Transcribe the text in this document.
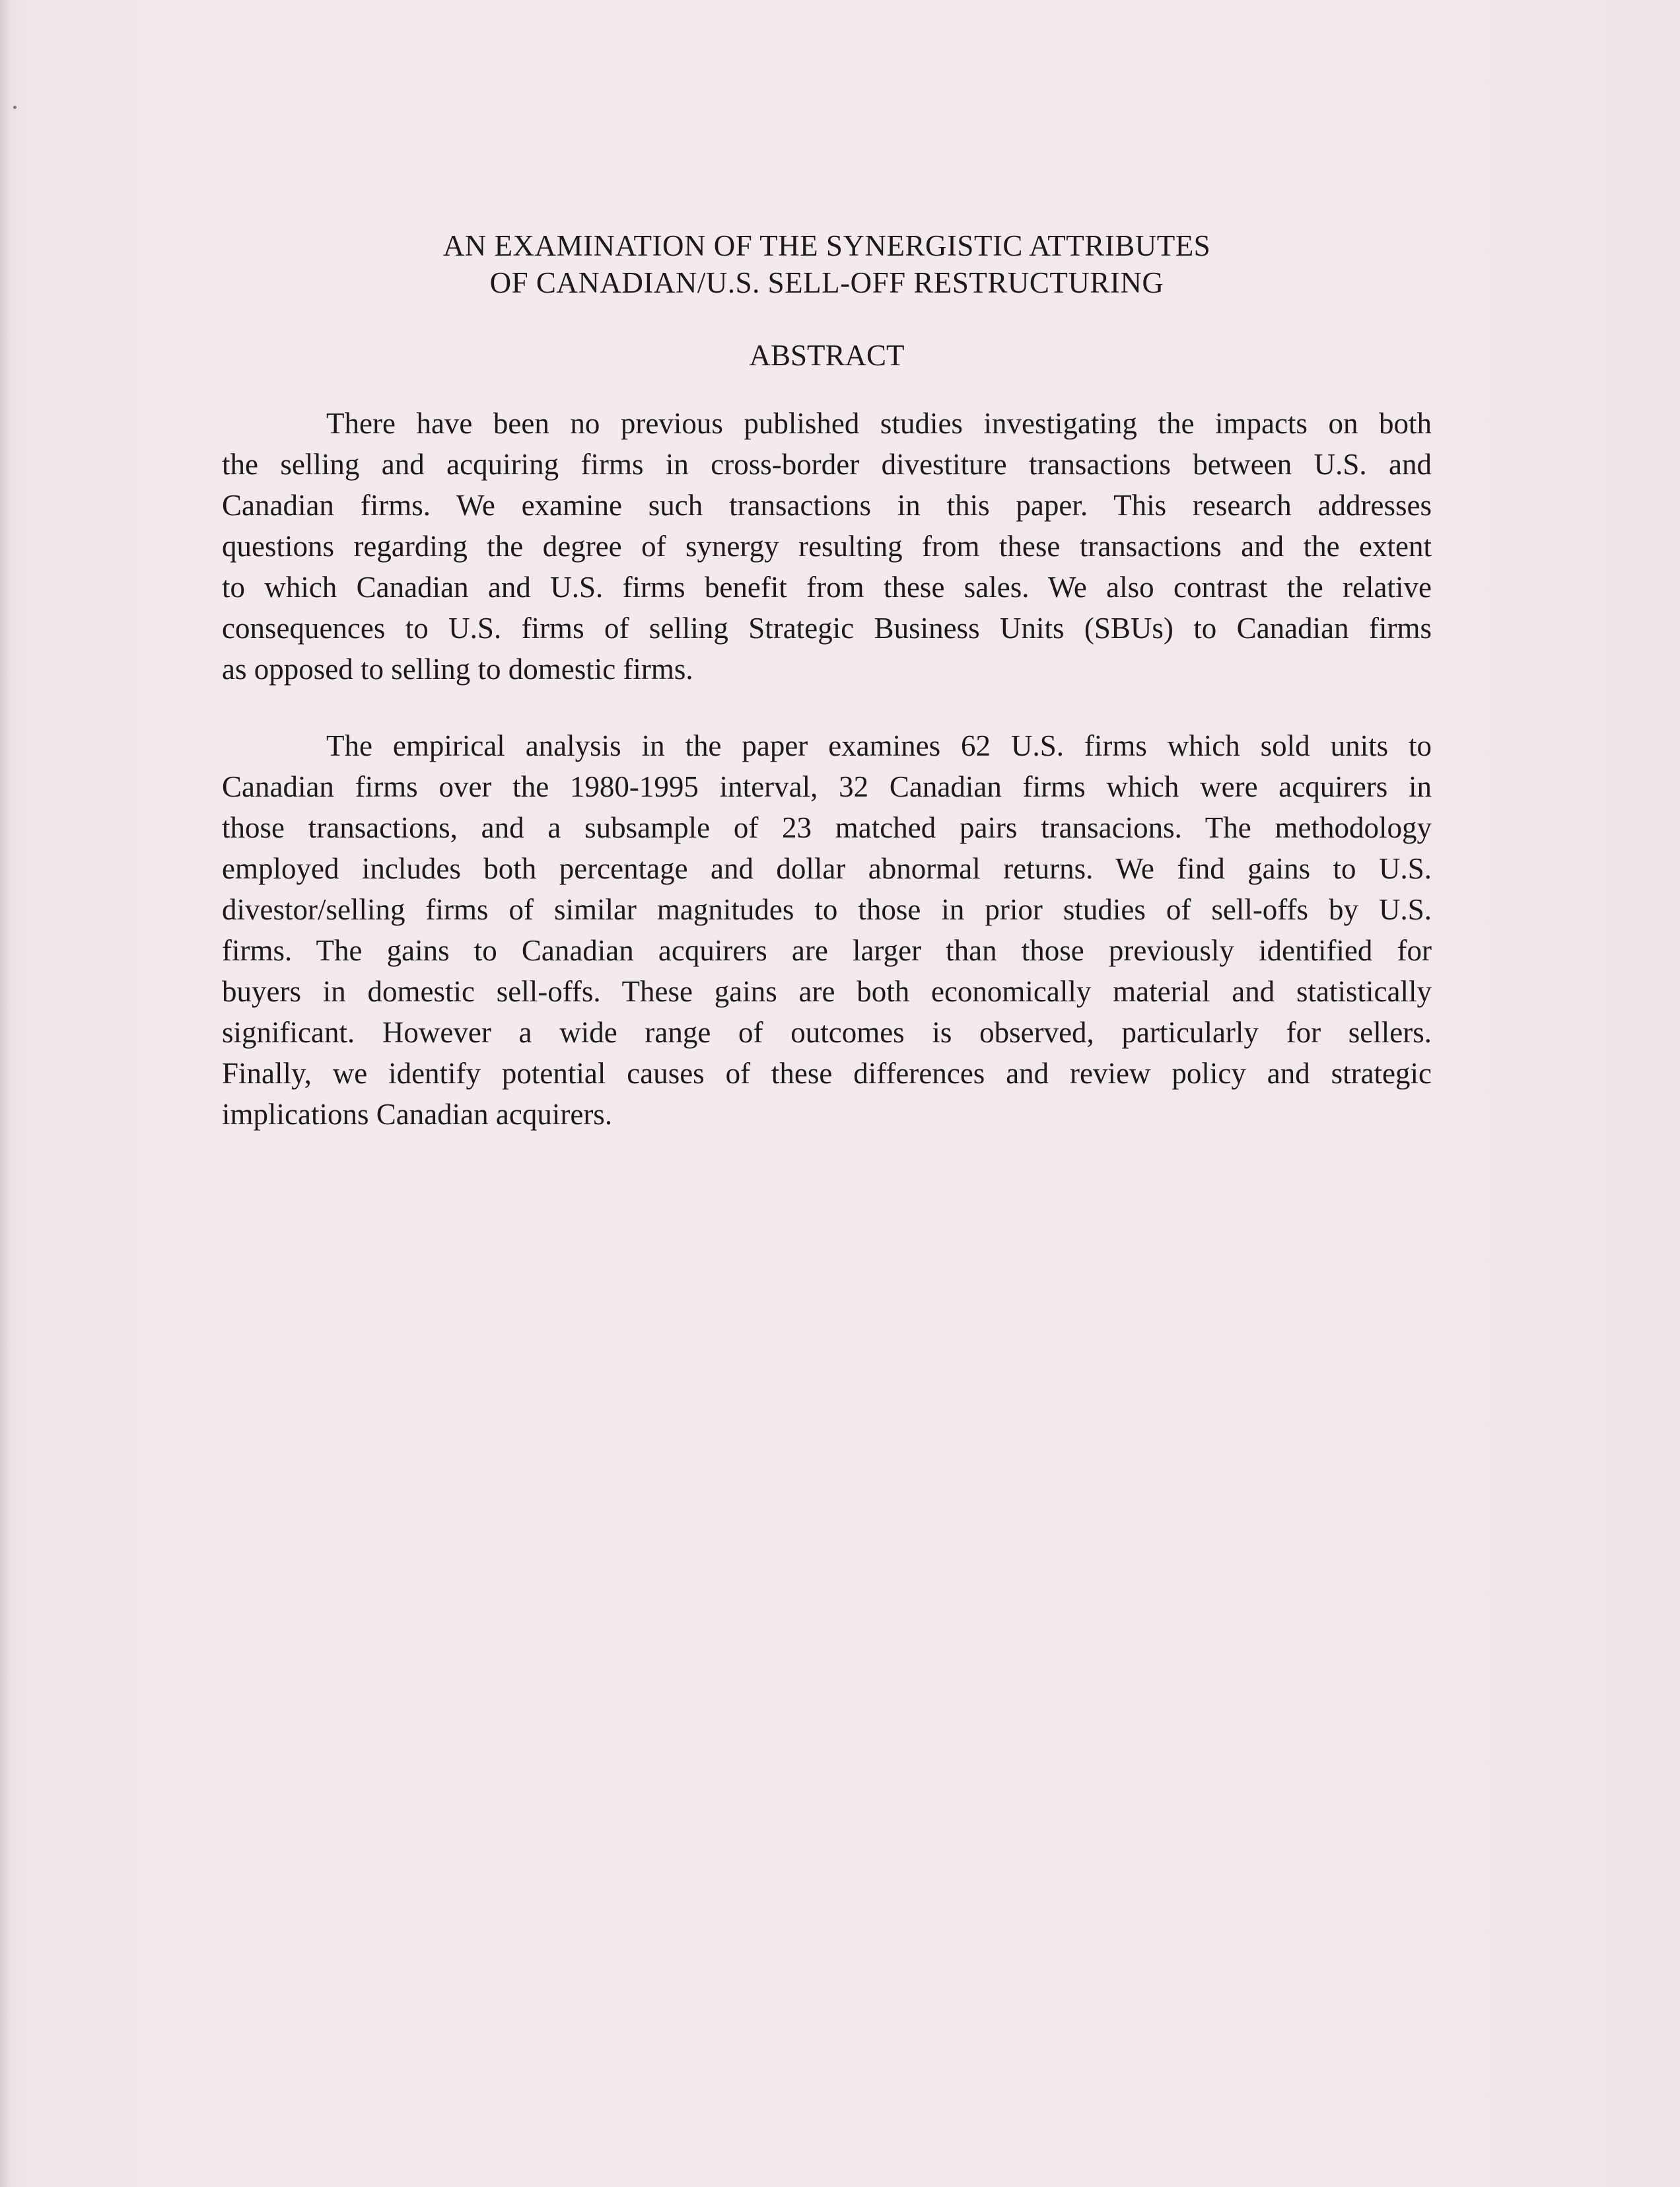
AN EXAMINATION OF THE SYNERGISTIC ATTRIBUTES
OF CANADIAN/U.S. SELL-OFF RESTRUCTURING
ABSTRACT

There have been no previous published studies investigating the impacts on both
the selling and acquiring firms in cross-border divestiture transactions between U.S. and
Canadian firms. We examine such transactions in this paper. This research addresses
questions regarding the degree of synergy resulting from these transactions and the extent
to which Canadian and U.S. firms benefit from these sales. We also contrast the relative
consequences to U.S. firms of selling Strategic Business Units (SBUs) to Canadian firms
as opposed to selling to domestic firms.

The empirical analysis in the paper examines 62 U.S. firms which sold units to
Canadian firms over the 1980-1995 interval, 32 Canadian firms which were acquirers in
those transactions, and a subsample of 23 matched pairs transacions. The methodology
employed includes both percentage and dollar abnormal returns. We find gains to U.S.
divestor/selling firms of similar magnitudes to those in prior studies of sell-offs by U.S.
firms. The gains to Canadian acquirers are larger than those previously identified for
buyers in domestic sell-offs. These gains are both economically material and statistically
significant. However a wide range of outcomes is observed, particularly for sellers.
Finally, we identify potential causes of these differences and review policy and strategic
implications Canadian acquirers.
